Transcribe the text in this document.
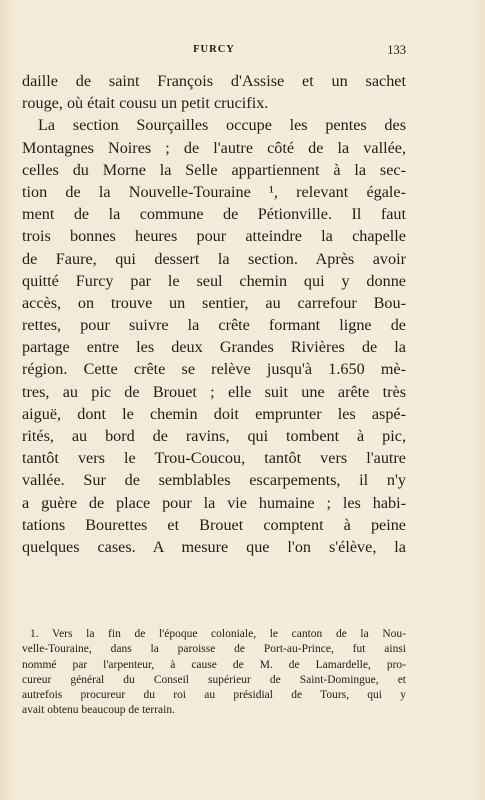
FURCY	133
daille de saint François d'Assise et un sachet
rouge, où était cousu un petit crucifix.
La section Sourçailles occupe les pentes des
Montagnes Noires ; de l'autre côté de la vallée,
celles du Morne la Selle appartiennent à la sec-
tion de la Nouvelle-Touraine ¹, relevant égale-
ment de la commune de Pétionville. Il faut
trois bonnes heures pour atteindre la chapelle
de Faure, qui dessert la section. Après avoir
quitté Furcy par le seul chemin qui y donne
accès, on trouve un sentier, au carrefour Bou-
rettes, pour suivre la crête formant ligne de
partage entre les deux Grandes Rivières de la
région. Cette crête se relève jusqu'à 1.650 mè-
tres, au pic de Brouet ; elle suit une arête très
aiguë, dont le chemin doit emprunter les aspé-
rités, au bord de ravins, qui tombent à pic,
tantôt vers le Trou-Coucou, tantôt vers l'autre
vallée. Sur de semblables escarpements, il n'y
a guère de place pour la vie humaine ; les habi-
tations Bourettes et Brouet comptent à peine
quelques cases. A mesure que l'on s'élève, la
1. Vers la fin de l'époque coloniale, le canton de la Nou-
velle-Touraine, dans la paroisse de Port-au-Prince, fut ainsi
nommé par l'arpenteur, à cause de M. de Lamardelle, pro-
cureur général du Conseil supérieur de Saint-Domingue, et
autrefois procureur du roi au présidial de Tours, qui y
avait obtenu beaucoup de terrain.
